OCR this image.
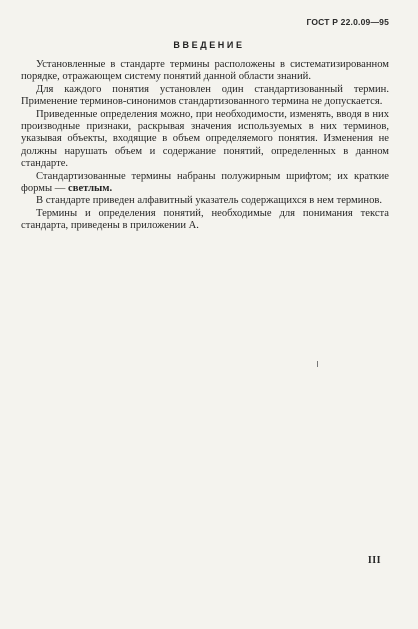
ГОСТ Р 22.0.09—95
ВВЕДЕНИЕ

Установленные в стандарте термины расположены в систематизированном порядке, отражающем систему понятий данной области знаний.

Для каждого понятия установлен один стандартизованный термин. Применение терминов-синонимов стандартизованного термина не допускается.

Приведенные определения можно, при необходимости, изменять, вводя в них производные признаки, раскрывая значения используемых в них терминов, указывая объекты, входящие в объем определяемого понятия. Изменения не должны нарушать объем и содержание понятий, определенных в данном стандарте.

Стандартизованные термины набраны полужирным шрифтом; их краткие формы — светлым.

В стандарте приведен алфавитный указатель содержащихся в нем терминов.

Термины и определения понятий, необходимые для понимания текста стандарта, приведены в приложении А.

III
